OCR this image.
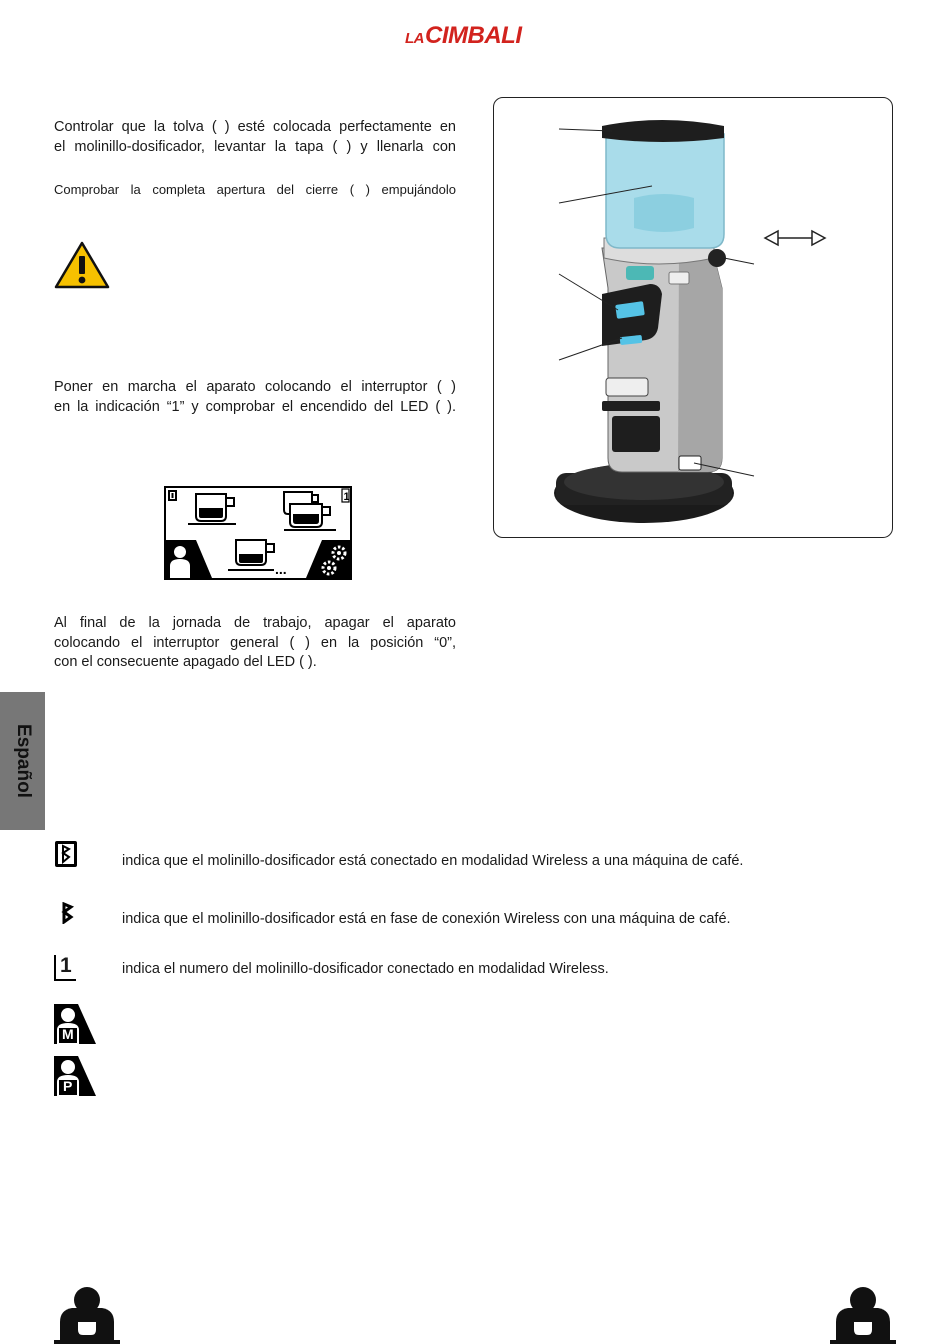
LA CIMBALI
Controlar que la tolva ( ) esté colocada perfectamente en
el molinillo-dosificador, levantar la tapa ( ) y llenarla con
Comprobar la completa apertura del cierre ( ) empujándolo
Poner en marcha el aparato colocando el interruptor ( )
en la indicación “1” y comprobar el encendido del LED ( ).
1
...
Al final de la jornada de trabajo, apagar el aparato
colocando el interruptor general ( ) en la posición “0”,
con el consecuente apagado del LED ( ).
Español
indica que el molinillo-dosificador está conectado en modalidad Wireless a una máquina de café.
indica que el molinillo-dosificador está en fase de conexión Wireless con una máquina de café.
1	indica el numero del molinillo-dosificador conectado en modalidad Wireless.
M
P
